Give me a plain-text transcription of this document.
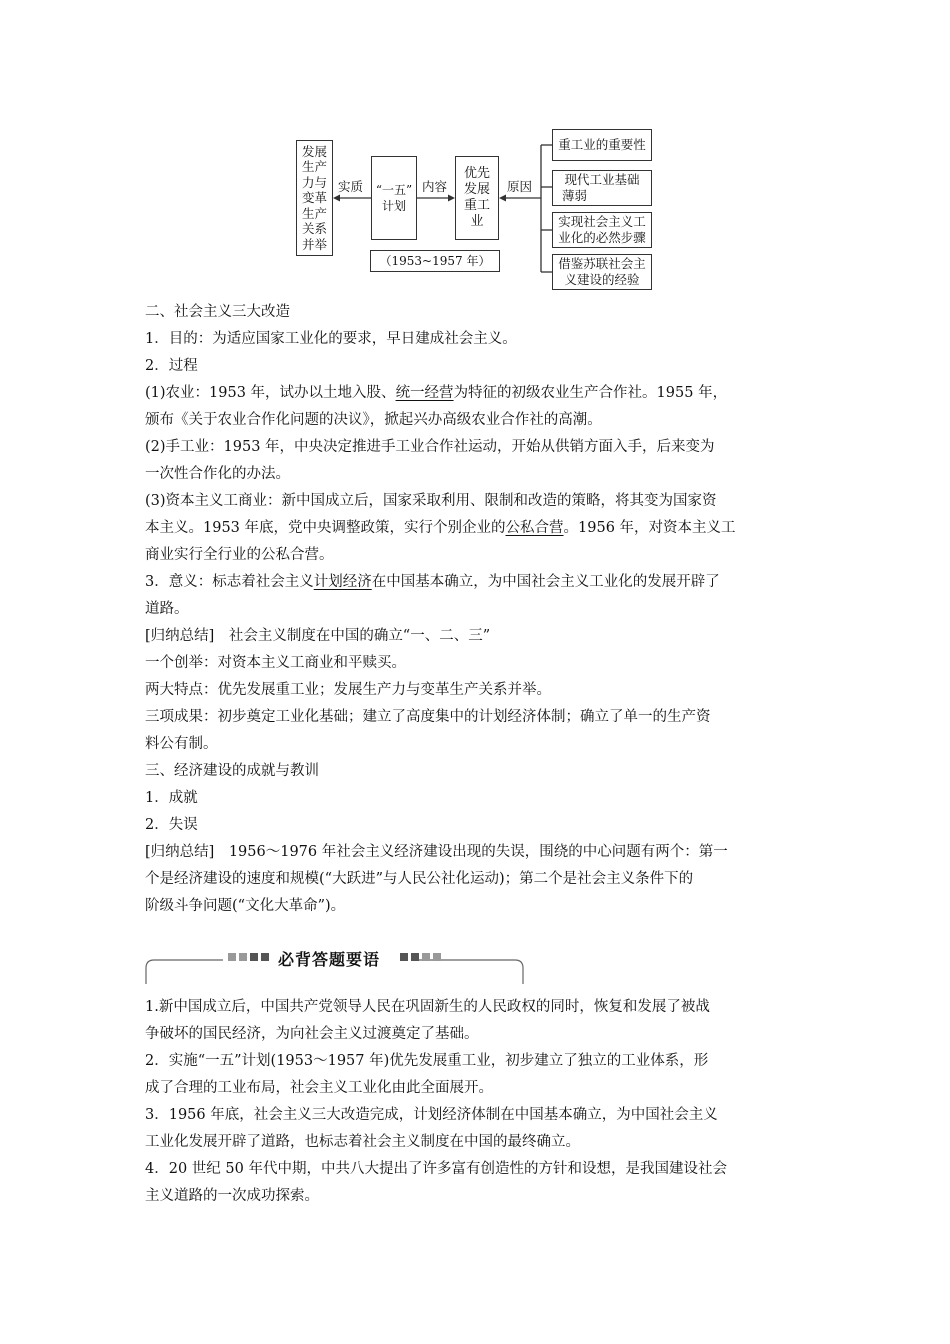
发展
生产
力与
变革
生产
关系
并举
实质 “一五”
计划
内容
优先
发展
重工
业
原因
（1953~1957 年）
重工业的重要性
现代工业基础
薄弱
实现社会主义工
业化的必然步骤
借鉴苏联社会主
义建设的经验

二、社会主义三大改造

1．目的：为适应国家工业化的要求，早日建成社会主义。

2．过程

(1)农业：1953 年，试办以土地入股、统一经营为特征的初级农业生产合作社。1955 年，

颁布《关于农业合作化问题的决议》，掀起兴办高级农业合作社的高潮。

(2)手工业：1953 年，中央决定推进手工业合作社运动，开始从供销方面入手，后来变为

一次性合作化的办法。

(3)资本主义工商业：新中国成立后，国家采取利用、限制和改造的策略，将其变为国家资

本主义。1953 年底，党中央调整政策，实行个别企业的公私合营。1956 年，对资本主义工

商业实行全行业的公私合营。

3．意义：标志着社会主义计划经济在中国基本确立，为中国社会主义工业化的发展开辟了

道路。

[归纳总结]　社会主义制度在中国的确立“一、二、三”

一个创举：对资本主义工商业和平赎买。

两大特点：优先发展重工业；发展生产力与变革生产关系并举。

三项成果：初步奠定工业化基础；建立了高度集中的计划经济体制；确立了单一的生产资

料公有制。

三、经济建设的成就与教训

1．成就

2．失误

[归纳总结]　1956～1976 年社会主义经济建设出现的失误，围绕的中心问题有两个：第一

个是经济建设的速度和规模(“大跃进”与人民公社化运动)；第二个是社会主义条件下的

阶级斗争问题(“文化大革命”)。

必背答题要语

1.新中国成立后，中国共产党领导人民在巩固新生的人民政权的同时，恢复和发展了被战

争破坏的国民经济，为向社会主义过渡奠定了基础。

2．实施“一五”计划(1953～1957 年)优先发展重工业，初步建立了独立的工业体系，形

成了合理的工业布局，社会主义工业化由此全面展开。

3．1956 年底，社会主义三大改造完成，计划经济体制在中国基本确立，为中国社会主义

工业化发展开辟了道路，也标志着社会主义制度在中国的最终确立。

4．20 世纪 50 年代中期，中共八大提出了许多富有创造性的方针和设想，是我国建设社会

主义道路的一次成功探索。
